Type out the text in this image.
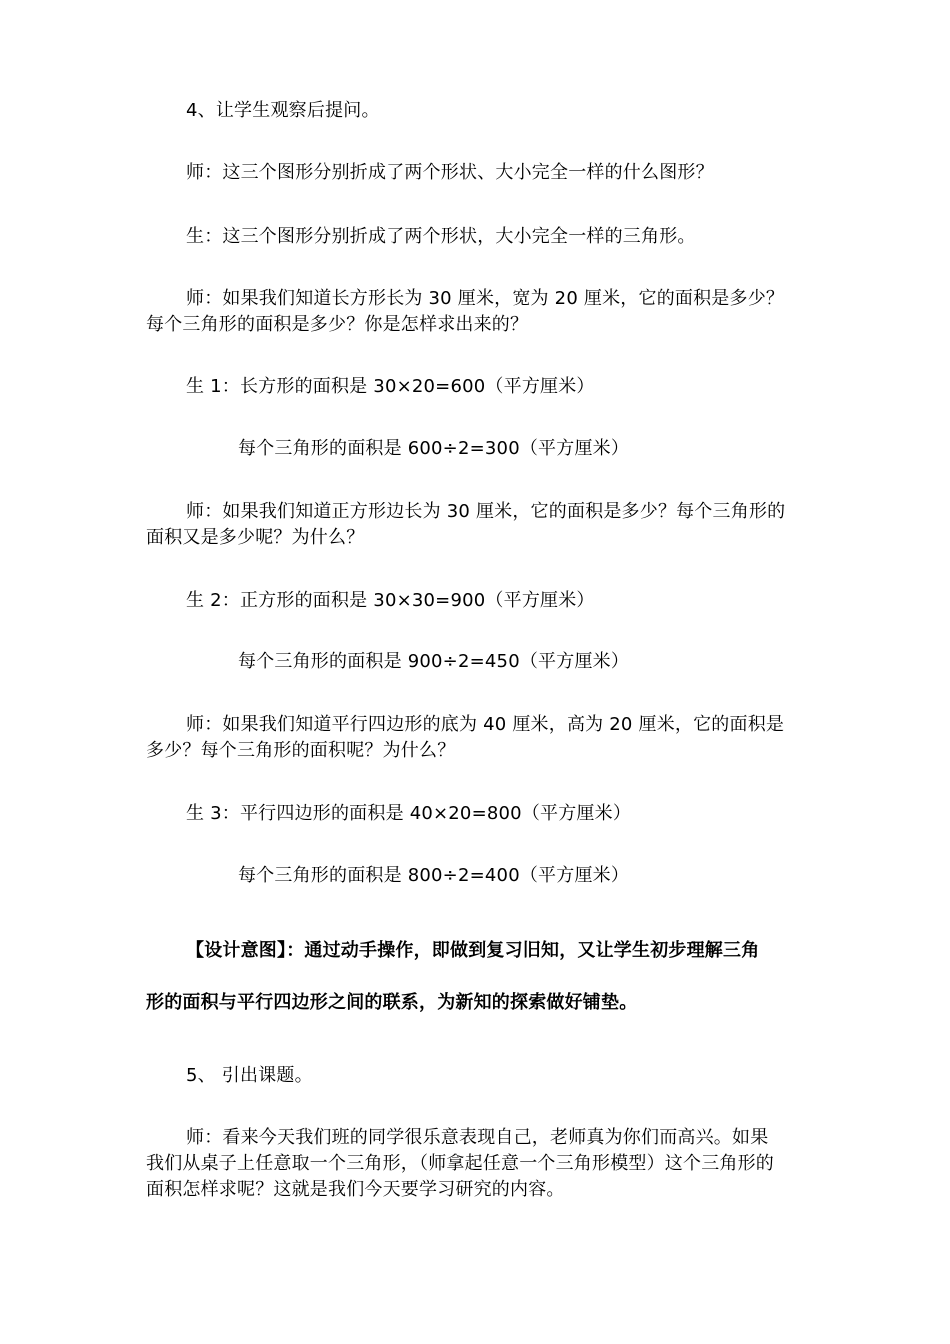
4、让学生观察后提问。
师：这三个图形分别折成了两个形状、大小完全一样的什么图形？
生：这三个图形分别折成了两个形状，大小完全一样的三角形。
师：如果我们知道长方形长为 30 厘米，宽为 20 厘米，它的面积是多少？
每个三角形的面积是多少？你是怎样求出来的？
生 1：长方形的面积是 30×20=600（平方厘米）
每个三角形的面积是 600÷2=300（平方厘米）
师：如果我们知道正方形边长为 30 厘米，它的面积是多少？每个三角形的
面积又是多少呢？为什么？
生 2：正方形的面积是 30×30=900（平方厘米）
每个三角形的面积是 900÷2=450（平方厘米）
师：如果我们知道平行四边形的底为 40 厘米，高为 20 厘米，它的面积是
多少？每个三角形的面积呢？为什么？
生 3：平行四边形的面积是 40×20=800（平方厘米）
每个三角形的面积是 800÷2=400（平方厘米）
【设计意图】：通过动手操作，即做到复习旧知，又让学生初步理解三角
形的面积与平行四边形之间的联系，为新知的探索做好铺垫。
5、 引出课题。
师：看来今天我们班的同学很乐意表现自己，老师真为你们而高兴。如果
我们从桌子上任意取一个三角形，（师拿起任意一个三角形模型）这个三角形的
面积怎样求呢？这就是我们今天要学习研究的内容。
